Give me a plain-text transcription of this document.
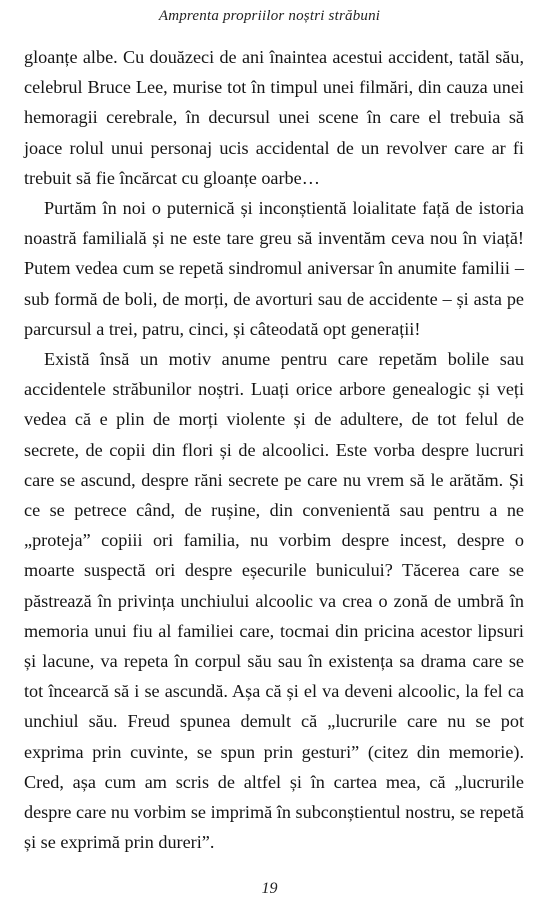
Amprenta propriilor noștri străbuni

gloanțe albe. Cu douăzeci de ani înaintea acestui accident, tatăl său, celebrul Bruce Lee, murise tot în timpul unei filmări, din cauza unei hemoragii cerebrale, în decursul unei scene în care el trebuia să joace rolul unui personaj ucis accidental de un revolver care ar fi trebuit să fie încărcat cu gloanțe oarbe…

Purtăm în noi o puternică și inconștientă loialitate față de istoria noastră familială și ne este tare greu să inventăm ceva nou în viață! Putem vedea cum se repetă sindromul aniversar în anumite familii – sub formă de boli, de morți, de avorturi sau de accidente – și asta pe parcursul a trei, patru, cinci, și câteodată opt generații!

Există însă un motiv anume pentru care repetăm bolile sau accidentele străbunilor noștri. Luați orice arbore genealogic și veți vedea că e plin de morți violente și de adultere, de tot felul de secrete, de copii din flori și de alcoolici. Este vorba despre lucruri care se ascund, despre răni secrete pe care nu vrem să le arătăm. Și ce se petrece când, de rușine, din convenientă sau pentru a ne „proteja” copiii ori familia, nu vorbim despre incest, despre o moarte suspectă ori despre eșecurile bunicului? Tăcerea care se păstrează în privința unchiului alcoolic va crea o zonă de umbră în memoria unui fiu al familiei care, tocmai din pricina acestor lipsuri și lacune, va repeta în corpul său sau în existența sa drama care se tot încearcă să i se ascundă. Așa că și el va deveni alcoolic, la fel ca unchiul său. Freud spunea demult că „lucrurile care nu se pot exprima prin cuvinte, se spun prin gesturi” (citez din memorie). Cred, așa cum am scris de altfel și în cartea mea, că „lucrurile despre care nu vorbim se imprimă în subconștientul nostru, se repetă și se exprimă prin dureri”.

19
